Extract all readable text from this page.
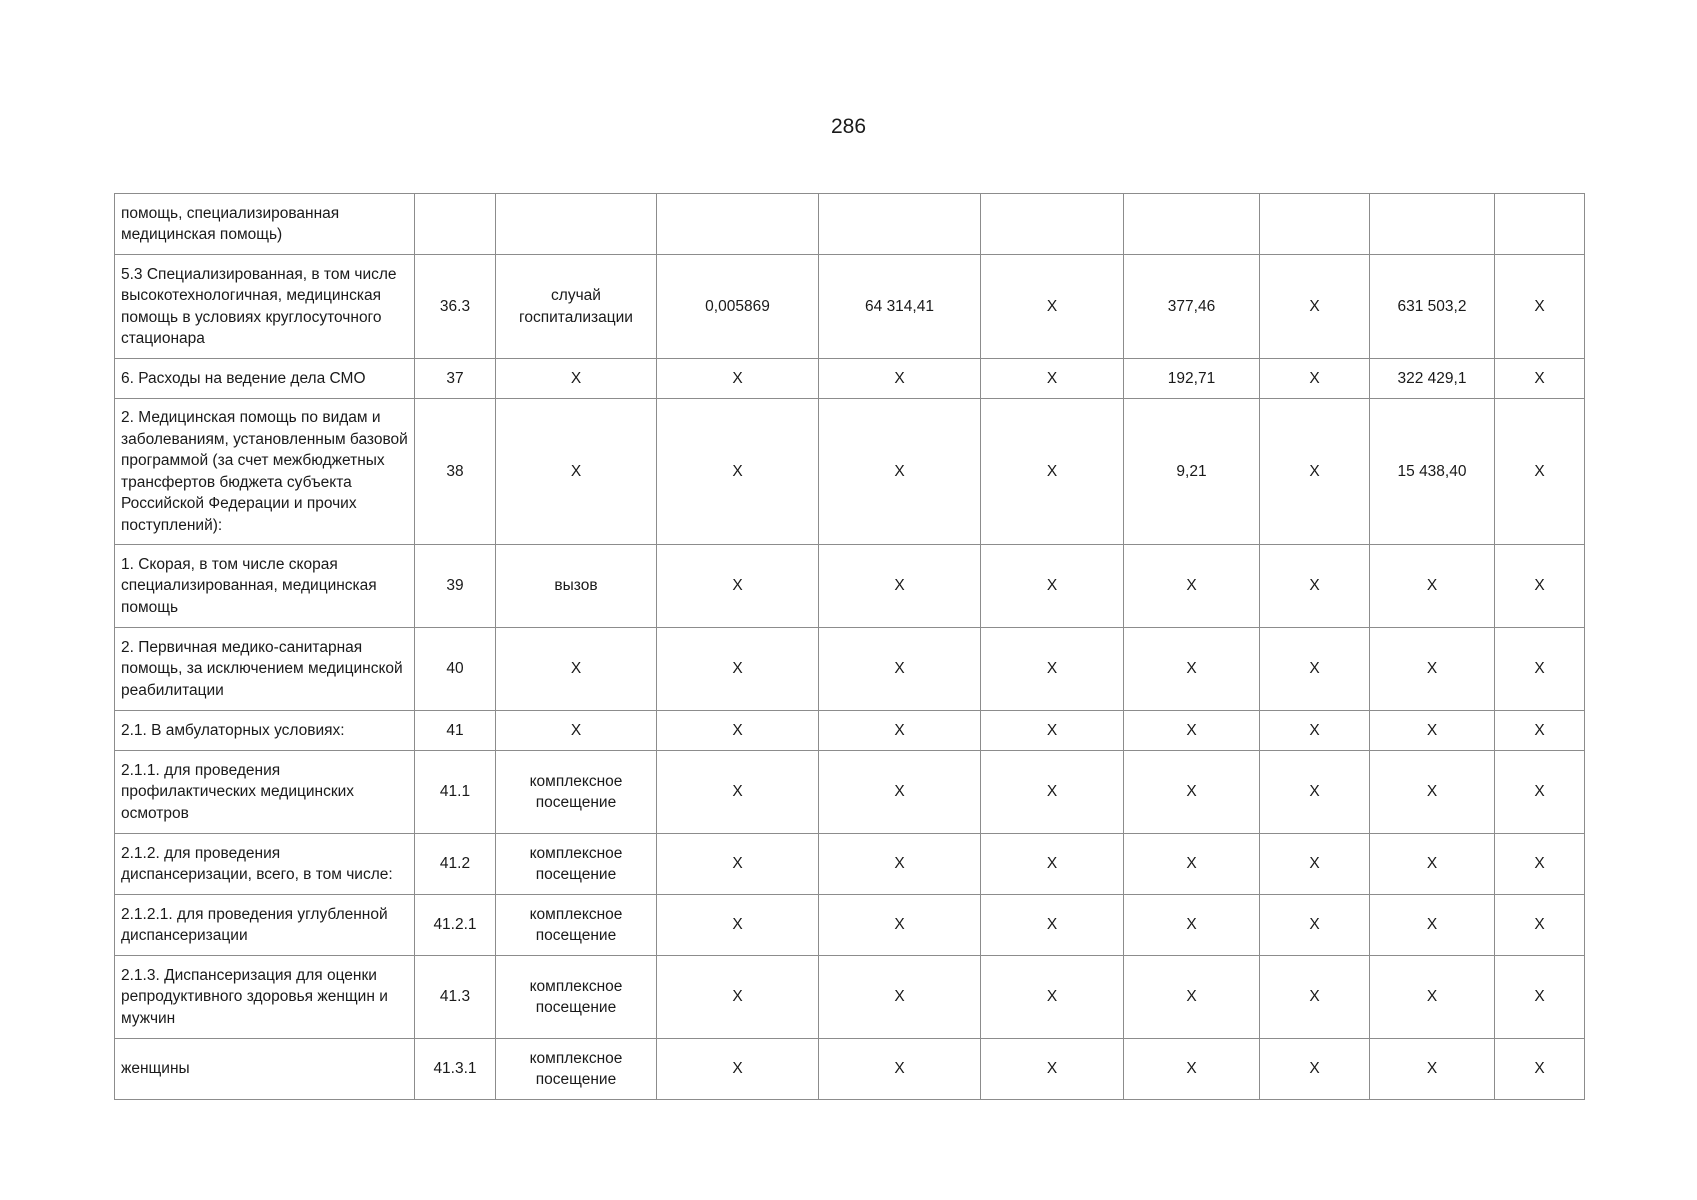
286
помощь, специализированная медицинская помощь)									
5.3 Специализированная, в том числе высокотехнологичная, медицинская помощь в условиях круглосуточного стационара	36.3	случай госпитализации	0,005869	64 314,41	X	377,46	X	631 503,2	X
6. Расходы на ведение дела СМО	37	X	X	X	X	192,71	X	322 429,1	X
2. Медицинская помощь по видам и заболеваниям, установленным базовой программой (за счет межбюджетных трансфертов бюджета субъекта Российской Федерации и прочих поступлений):	38	X	X	X	X	9,21	X	15 438,40	X
1. Скорая, в том числе скорая специализированная, медицинская помощь	39	вызов	X	X	X	X	X	X	X
2. Первичная медико-санитарная помощь, за исключением медицинской реабилитации	40	X	X	X	X	X	X	X	X
2.1. В амбулаторных условиях:	41	X	X	X	X	X	X	X	X
2.1.1. для проведения профилактических медицинских осмотров	41.1	комплексное посещение	X	X	X	X	X	X	X
2.1.2. для проведения диспансеризации, всего, в том числе:	41.2	комплексное посещение	X	X	X	X	X	X	X
2.1.2.1. для проведения углубленной диспансеризации	41.2.1	комплексное посещение	X	X	X	X	X	X	X
2.1.3. Диспансеризация для оценки репродуктивного здоровья женщин и мужчин	41.3	комплексное посещение	X	X	X	X	X	X	X
женщины	41.3.1	комплексное посещение	X	X	X	X	X	X	X
